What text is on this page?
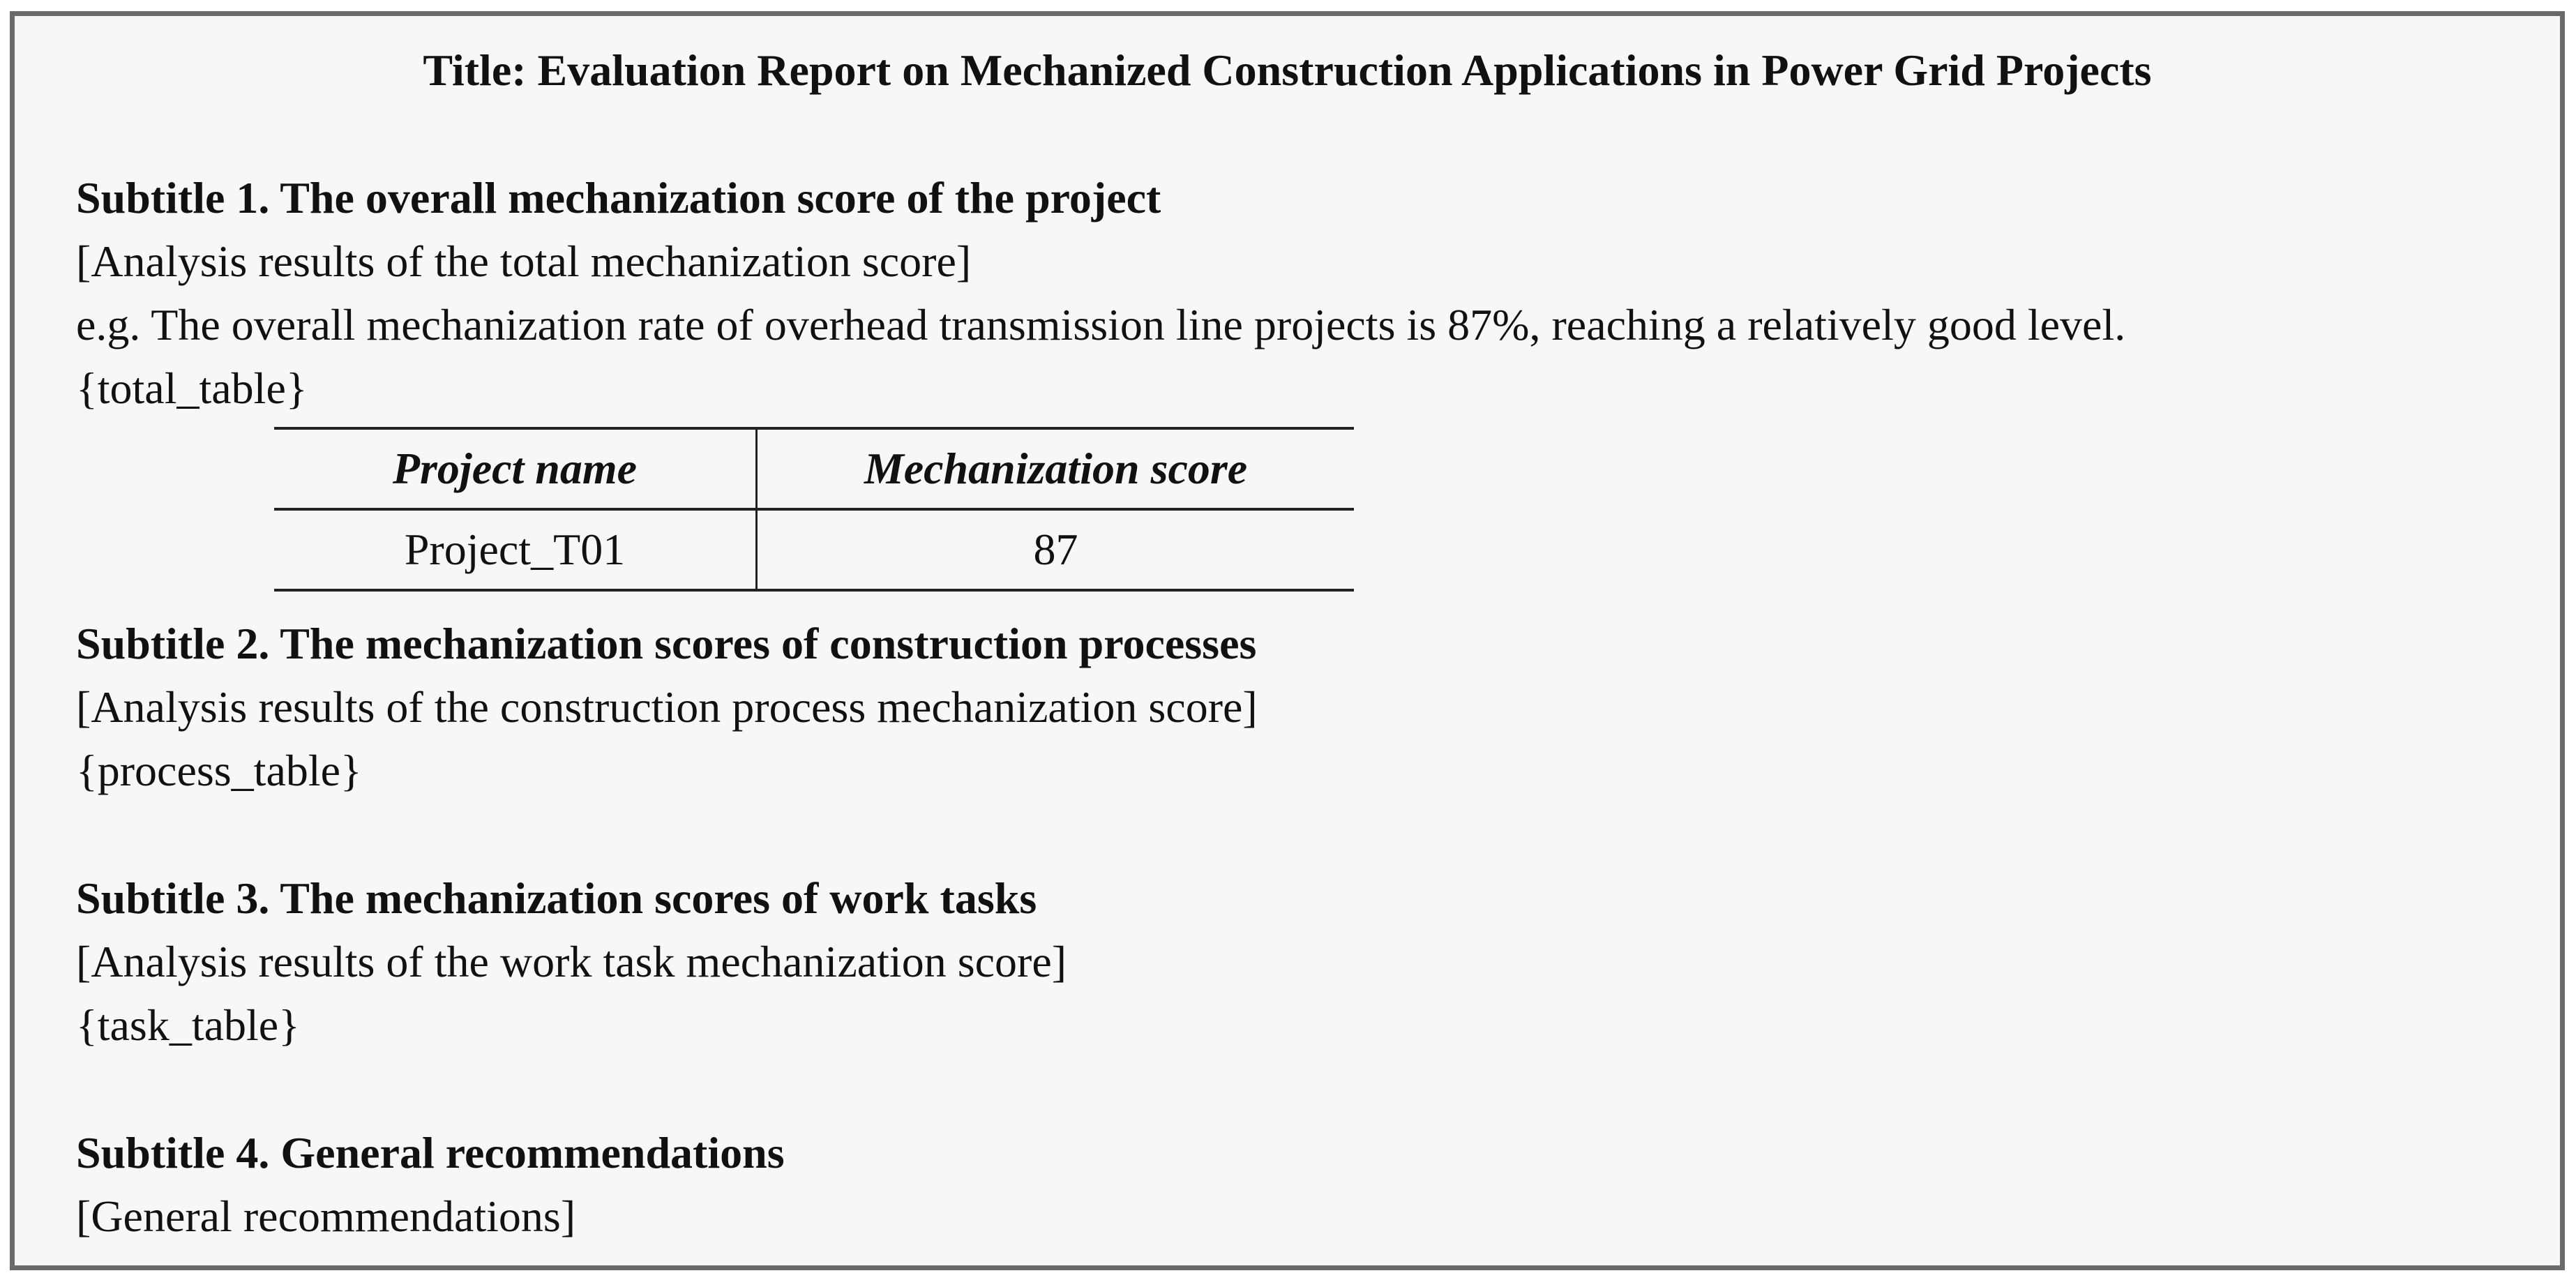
Title: Evaluation Report on Mechanized Construction Applications in Power Grid Projects
Subtitle 1. The overall mechanization score of the project
[Analysis results of the total mechanization score]
e.g. The overall mechanization rate of overhead transmission line projects is 87%, reaching a relatively good level.
{total_table}
Project name	Mechanization score
Project_T01	87
Subtitle 2. The mechanization scores of construction processes
[Analysis results of the construction process mechanization score]
{process_table}
Subtitle 3. The mechanization scores of work tasks
[Analysis results of the work task mechanization score]
{task_table}
Subtitle 4. General recommendations
[General recommendations]
